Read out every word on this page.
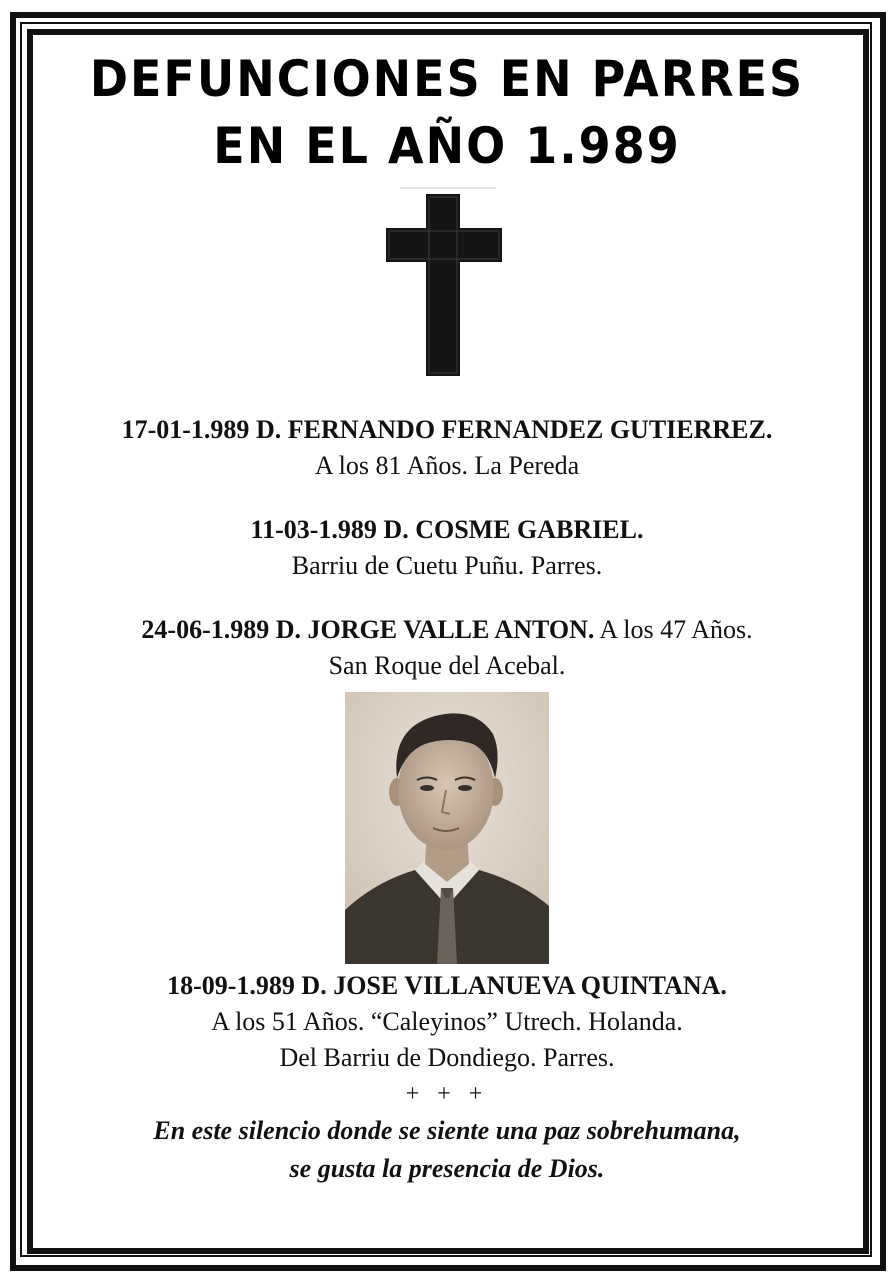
DEFUNCIONES EN PARRES
EN EL AÑO 1.989
17-01-1.989 D. FERNANDO FERNANDEZ GUTIERREZ.
A los 81 Años. La Pereda
11-03-1.989 D. COSME GABRIEL.
Barriu de Cuetu Puñu. Parres.
24-06-1.989 D. JORGE VALLE ANTON. A los 47 Años.
San Roque del Acebal.
18-09-1.989 D. JOSE VILLANUEVA QUINTANA.
A los 51 Años. “Caleyinos” Utrech. Holanda.
Del Barriu de Dondiego. Parres.
+ + +
En este silencio donde se siente una paz sobrehumana,
se gusta la presencia de Dios.
